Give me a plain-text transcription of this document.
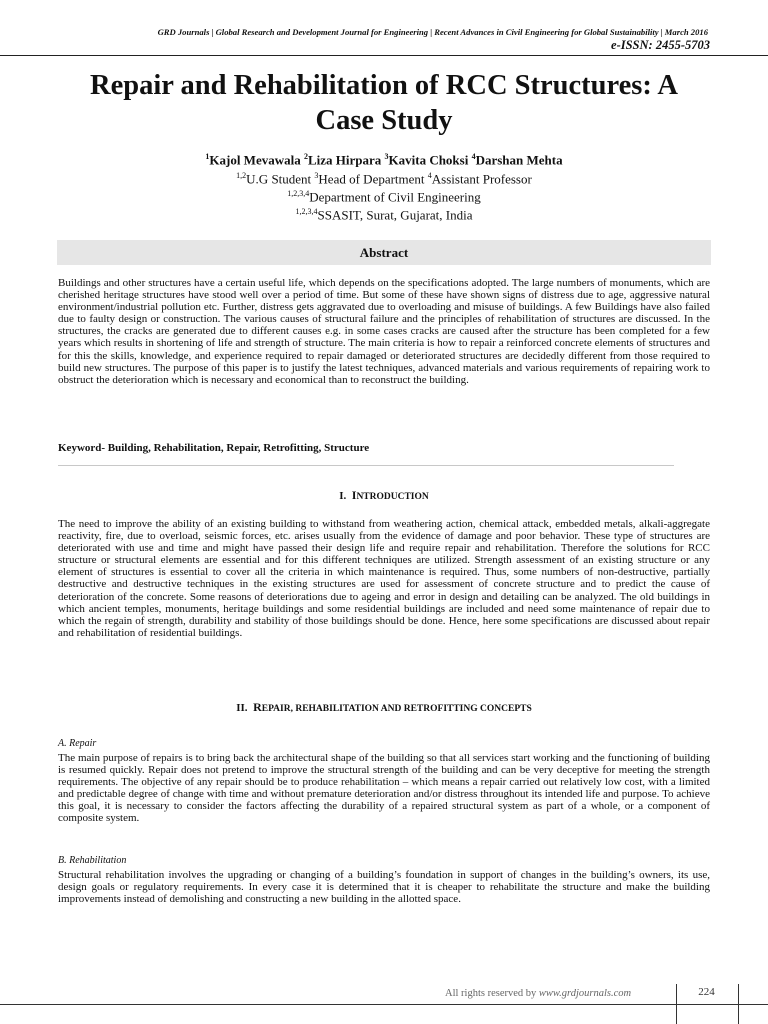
GRD Journals | Global Research and Development Journal for Engineering | Recent Advances in Civil Engineering for Global Sustainability | March 2016
e-ISSN: 2455-5703
Repair and Rehabilitation of RCC Structures: A
Case Study
$^1$Kajol Mevawala $^2$Liza Hirpara $^3$Kavita Choksi $^4$Darshan Mehta
$^{1,2}$U.G Student $^3$Head of Department $^4$Assistant Professor
$^{1,2,3,4}$Department of Civil Engineering
$^{1,2,3,4}$SSASIT, Surat, Gujarat, India
Abstract
Buildings and other structures have a certain useful life, which depends on the specifications adopted. The large numbers of monuments, which are cherished heritage structures have stood well over a period of time. But some of these have shown signs of distress due to age, aggressive natural environment/industrial pollution etc. Further, distress gets aggravated due to overloading and misuse of buildings. A few Buildings have also failed due to faulty design or construction. The various causes of structural failure and the principles of rehabilitation of structures are discussed. In the structures, the cracks are generated due to different causes e.g. in some cases cracks are caused after the structure has been completed for a few years which results in shortening of life and strength of structure. The main criteria is how to repair a reinforced concrete elements of structures and for this the skills, knowledge, and experience required to repair damaged or deteriorated structures are decidedly different from those required to build new structures. The purpose of this paper is to justify the latest techniques, advanced materials and various requirements of repairing work to obstruct the deterioration which is necessary and economical than to reconstruct the building.
Keyword- Building, Rehabilitation, Repair, Retrofitting, Structure
I. INTRODUCTION
The need to improve the ability of an existing building to withstand from weathering action, chemical attack, embedded metals, alkali-aggregate reactivity, fire, due to overload, seismic forces, etc. arises usually from the evidence of damage and poor behavior. These type of structures are deteriorated with use and time and might have passed their design life and require repair and rehabilitation. Therefore the solutions for RCC structure or structural elements are essential and for this different techniques are utilized. Strength assessment of an existing structure or any element of structures is essential to cover all the criteria in which maintenance is required. Thus, some numbers of non-destructive, partially destructive and destructive techniques in the existing structures are used for assessment of concrete structure and to predict the cause of deterioration of the concrete. Some reasons of deteriorations due to ageing and error in design and detailing can be analyzed. The old buildings in which ancient temples, monuments, heritage buildings and some residential buildings are included and need some maintenance of repair due to which the regain of strength, durability and stability of those buildings should be done. Hence, here some specifications are discussed about repair and rehabilitation of residential buildings.
II. REPAIR, REHABILITATION AND RETROFITTING CONCEPTS
A. Repair
The main purpose of repairs is to bring back the architectural shape of the building so that all services start working and the functioning of building is resumed quickly. Repair does not pretend to improve the structural strength of the building and can be very deceptive for meeting the strength requirements. The objective of any repair should be to produce rehabilitation – which means a repair carried out relatively low cost, with a limited and predictable degree of change with time and without premature deterioration and/or distress throughout its intended life and purpose. To achieve this goal, it is necessary to consider the factors affecting the durability of a repaired structural system as part of a whole, or a component of composite system.
B. Rehabilitation
Structural rehabilitation involves the upgrading or changing of a building’s foundation in support of changes in the building’s owners, its use, design goals or regulatory requirements. In every case it is determined that it is cheaper to rehabilitate the structure and make the building improvements instead of demolishing and constructing a new building in the allotted space.
All rights reserved by www.grdjournals.com	224
